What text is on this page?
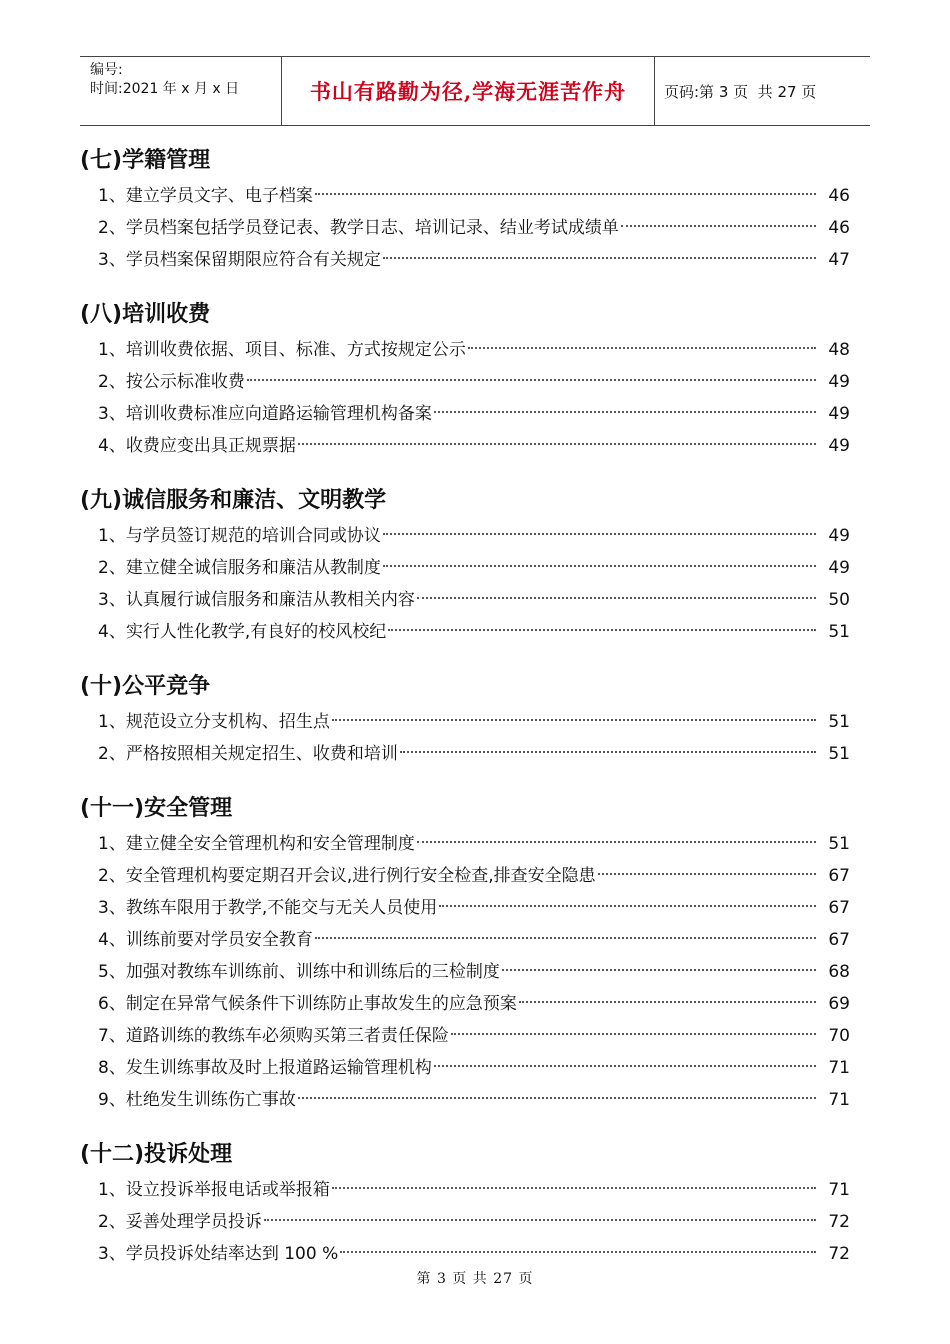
编号:
时间:2021 年 x 月 x 日	书山有路勤为径,学海无涯苦作舟	页码:第 3 页  共 27 页
(七)学籍管理
1、建立学员文字、电子档案	46
2、学员档案包括学员登记表、教学日志、培训记录、结业考试成绩单	46
3、学员档案保留期限应符合有关规定	47
(八)培训收费
1、培训收费依据、项目、标准、方式按规定公示	48
2、按公示标准收费	49
3、培训收费标准应向道路运输管理机构备案	49
4、收费应变出具正规票据	49
(九)诚信服务和廉洁、文明教学
1、与学员签订规范的培训合同或协议	49
2、建立健全诚信服务和廉洁从教制度	49
3、认真履行诚信服务和廉洁从教相关内容	50
4、实行人性化教学,有良好的校风校纪	51
(十)公平竞争
1、规范设立分支机构、招生点	51
2、严格按照相关规定招生、收费和培训	51
(十一)安全管理
1、建立健全安全管理机构和安全管理制度	51
2、安全管理机构要定期召开会议,进行例行安全检查,排查安全隐患	67
3、教练车限用于教学,不能交与无关人员使用	67
4、训练前要对学员安全教育	67
5、加强对教练车训练前、训练中和训练后的三检制度	68
6、制定在异常气候条件下训练防止事故发生的应急预案	69
7、道路训练的教练车必须购买第三者责任保险	70
8、发生训练事故及时上报道路运输管理机构	71
9、杜绝发生训练伤亡事故	71
(十二)投诉处理
1、设立投诉举报电话或举报箱	71
2、妥善处理学员投诉	72
3、学员投诉处结率达到 100 %	72
第 3 页 共 27 页
